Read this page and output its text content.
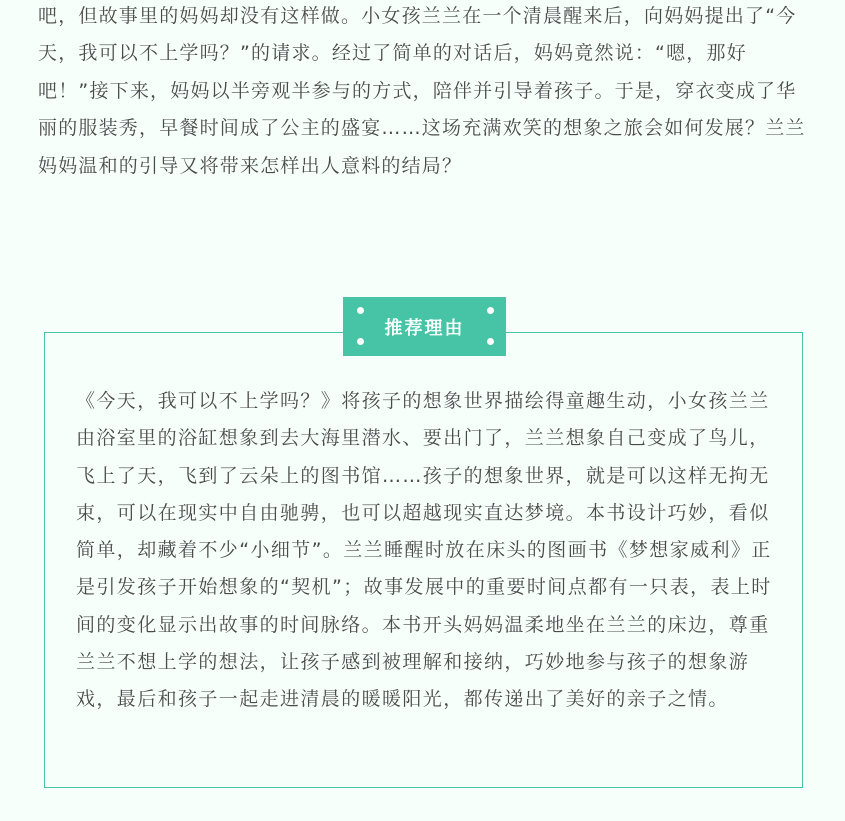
吧，但故事里的妈妈却没有这样做。小女孩兰兰在一个清晨醒来后，向妈妈提出了“今天，我可以不上学吗？”的请求。经过了简单的对话后，妈妈竟然说：“嗯，那好吧！”接下来，妈妈以半旁观半参与的方式，陪伴并引导着孩子。于是，穿衣变成了华丽的服装秀，早餐时间成了公主的盛宴……这场充满欢笑的想象之旅会如何发展？兰兰妈妈温和的引导又将带来怎样出人意料的结局？

推荐理由

《今天，我可以不上学吗？》将孩子的想象世界描绘得童趣生动，小女孩兰兰由浴室里的浴缸想象到去大海里潜水、要出门了，兰兰想象自己变成了鸟儿，飞上了天，飞到了云朵上的图书馆……孩子的想象世界，就是可以这样无拘无束，可以在现实中自由驰骋，也可以超越现实直达梦境。本书设计巧妙，看似简单，却藏着不少“小细节”。兰兰睡醒时放在床头的图画书《梦想家威利》正是引发孩子开始想象的“契机”；故事发展中的重要时间点都有一只表，表上时间的变化显示出故事的时间脉络。本书开头妈妈温柔地坐在兰兰的床边，尊重兰兰不想上学的想法，让孩子感到被理解和接纳，巧妙地参与孩子的想象游戏，最后和孩子一起走进清晨的暖暖阳光，都传递出了美好的亲子之情。
